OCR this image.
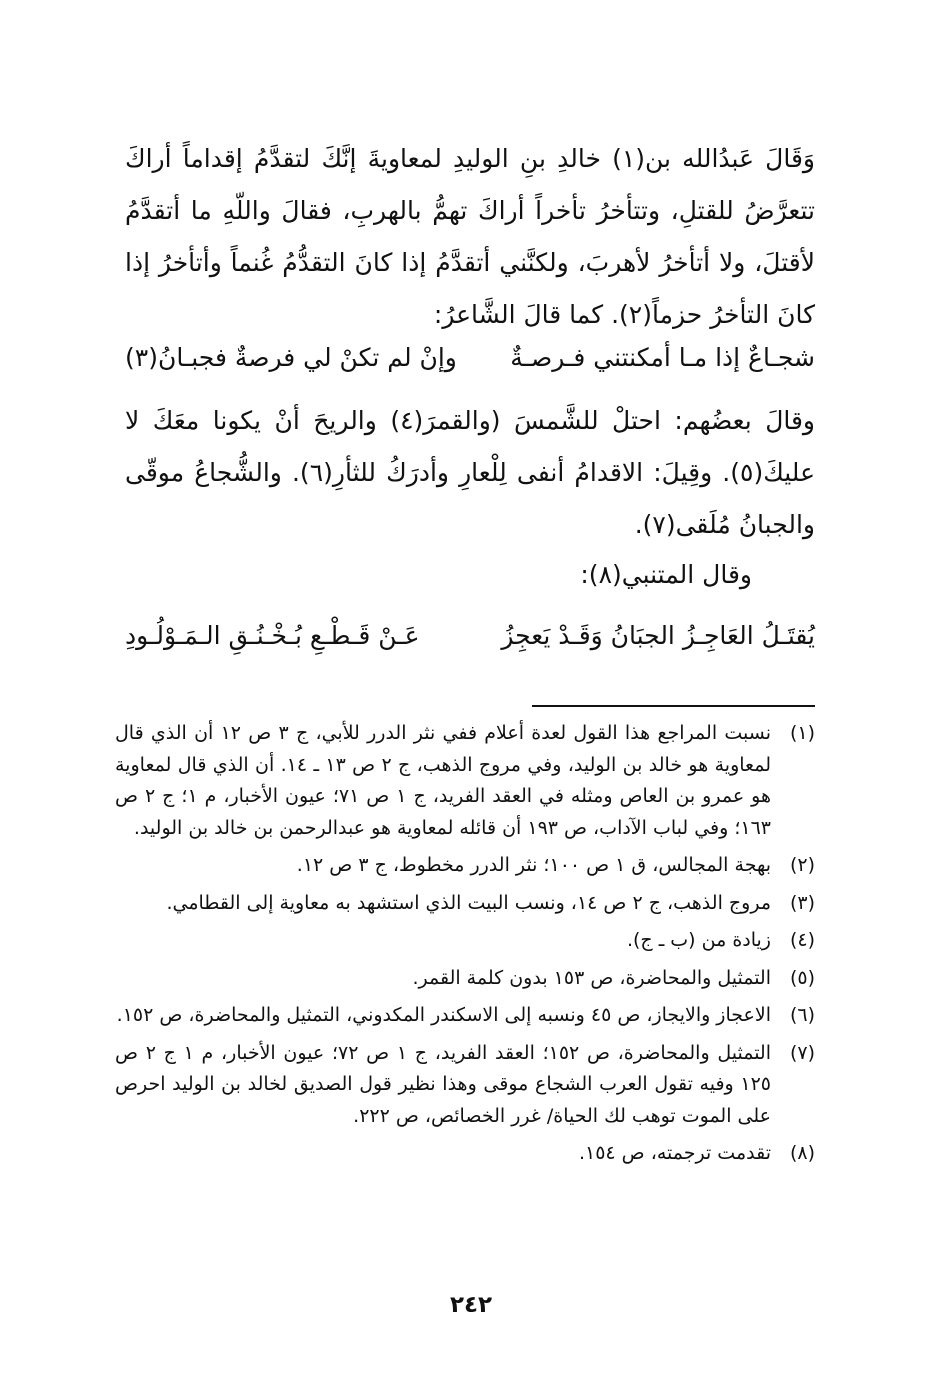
وَقَالَ عَبدُالله بن(١) خالدِ بنِ الوليدِ لمعاويةَ إنَّكَ لتقدَّمُ إقداماً أراكَ تتعرَّضُ للقتلِ، وتتأخرُ تأخراً أراكَ تهمُّ بالهربِ، فقالَ واللّهِ ما أتقدَّمُ لأقتلَ، ولا أتأخرُ لأهربَ، ولكنَّني أتقدَّمُ إذا كانَ التقدُّمُ غُنماً وأتأخرُ إذا كانَ التأخرُ حزماً(٢). كما قالَ الشَّاعرُ:

شجـاعٌ إذا مـا أمكنتني فـرصـةٌ
وإنْ لم تكنْ لي فرصةٌ فجبـانُ(٣)

وقالَ بعضُهم: احتلْ للشَّمسَ (والقمرَ(٤) والريحَ أنْ يكونا معَكَ لا عليكَ(٥). وقِيلَ: الاقدامُ أنفى لِلْعارِ وأدرَكُ للثأرِ(٦). والشُّجاعُ موقّى والجبانُ مُلَقى(٧).

وقال المتنبي(٨):
يُقتَـلُ العَاجِـزُ الجبَانُ وَقَـدْ يَعجِزُ
عَـنْ قَـطْـعِ بُـخْـنُـقِ الـمَـوْلُـودِ
(١)
نسبت المراجع هذا القول لعدة أعلام ففي نثر الدرر للأبي، ج ٣ ص ١٢ أن الذي قال لمعاوية هو خالد بن الوليد، وفي مروج الذهب، ج ٢ ص ١٣ ـ ١٤. أن الذي قال لمعاوية هو عمرو بن العاص ومثله في العقد الفريد، ج ١ ص ٧١؛ عيون الأخبار، م ١؛ ج ٢ ص ١٦٣؛ وفي لباب الآداب، ص ١٩٣ أن قائله لمعاوية هو عبدالرحمن بن خالد بن الوليد.
(٢)
بهجة المجالس، ق ١ ص ١٠٠؛ نثر الدرر مخطوط، ج ٣ ص ١٢.
(٣)
مروج الذهب، ج ٢ ص ١٤، ونسب البيت الذي استشهد به معاوية إلى القطامي.
(٤)
زيادة من (ب ـ ج).
(٥)
التمثيل والمحاضرة، ص ١٥٣ بدون كلمة القمر.
(٦)
الاعجاز والايجاز، ص ٤٥ ونسبه إلى الاسكندر المكدوني، التمثيل والمحاضرة، ص ١٥٢.
(٧)
التمثيل والمحاضرة، ص ١٥٢؛ العقد الفريد، ج ١ ص ٧٢؛ عيون الأخبار، م ١ ج ٢ ص ١٢٥ وفيه تقول العرب الشجاع موقى وهذا نظير قول الصديق لخالد بن الوليد احرص على الموت توهب لك الحياة/ غرر الخصائص، ص ٢٢٢.
(٨)
تقدمت ترجمته، ص ١٥٤.
٢٤٢
